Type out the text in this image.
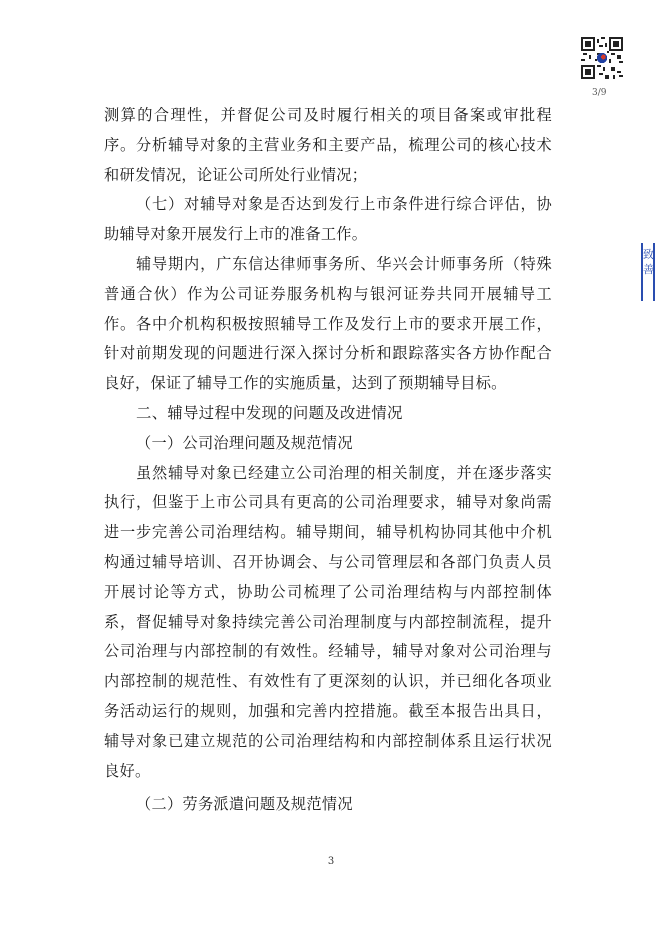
3/9
致
善

测算的合理性，并督促公司及时履行相关的项目备案或审批程序。分析辅导对象的主营业务和主要产品，梳理公司的核心技术和研发情况，论证公司所处行业情况；

（七）对辅导对象是否达到发行上市条件进行综合评估，协助辅导对象开展发行上市的准备工作。

辅导期内，广东信达律师事务所、华兴会计师事务所（特殊普通合伙）作为公司证券服务机构与银河证券共同开展辅导工作。各中介机构积极按照辅导工作及发行上市的要求开展工作，针对前期发现的问题进行深入探讨分析和跟踪落实各方协作配合良好，保证了辅导工作的实施质量，达到了预期辅导目标。

二、辅导过程中发现的问题及改进情况

（一）公司治理问题及规范情况

虽然辅导对象已经建立公司治理的相关制度，并在逐步落实执行，但鉴于上市公司具有更高的公司治理要求，辅导对象尚需进一步完善公司治理结构。辅导期间，辅导机构协同其他中介机构通过辅导培训、召开协调会、与公司管理层和各部门负责人员开展讨论等方式，协助公司梳理了公司治理结构与内部控制体系，督促辅导对象持续完善公司治理制度与内部控制流程，提升公司治理与内部控制的有效性。经辅导，辅导对象对公司治理与内部控制的规范性、有效性有了更深刻的认识，并已细化各项业务活动运行的规则，加强和完善内控措施。截至本报告出具日，辅导对象已建立规范的公司治理结构和内部控制体系且运行状况良好。

（二）劳务派遣问题及规范情况

3
